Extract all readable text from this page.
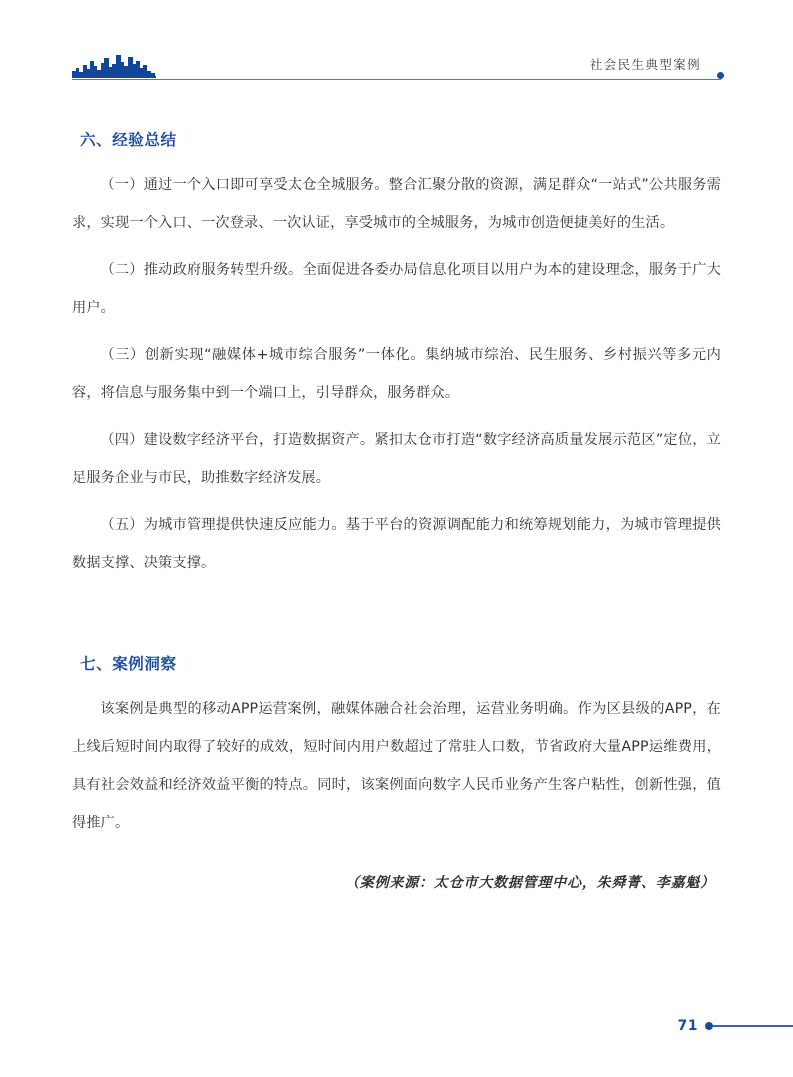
社会民生典型案例
六、经验总结

（一）通过一个入口即可享受太仓全城服务。整合汇聚分散的资源，满足群众“一站式”公共服务需求，实现一个入口、一次登录、一次认证，享受城市的全城服务，为城市创造便捷美好的生活。

（二）推动政府服务转型升级。全面促进各委办局信息化项目以用户为本的建设理念，服务于广大用户。

（三）创新实现“融媒体+城市综合服务”一体化。集纳城市综治、民生服务、乡村振兴等多元内容，将信息与服务集中到一个端口上，引导群众，服务群众。

（四）建设数字经济平台，打造数据资产。紧扣太仓市打造“数字经济高质量发展示范区”定位，立足服务企业与市民，助推数字经济发展。

（五）为城市管理提供快速反应能力。基于平台的资源调配能力和统筹规划能力，为城市管理提供数据支撑、决策支撑。

七、案例洞察

该案例是典型的移动APP运营案例，融媒体融合社会治理，运营业务明确。作为区县级的APP，在上线后短时间内取得了较好的成效，短时间内用户数超过了常驻人口数，节省政府大量APP运维费用，具有社会效益和经济效益平衡的特点。同时，该案例面向数字人民币业务产生客户粘性，创新性强，值得推广。

（案例来源：太仓市大数据管理中心，朱舜菁、李嘉魁）
71
